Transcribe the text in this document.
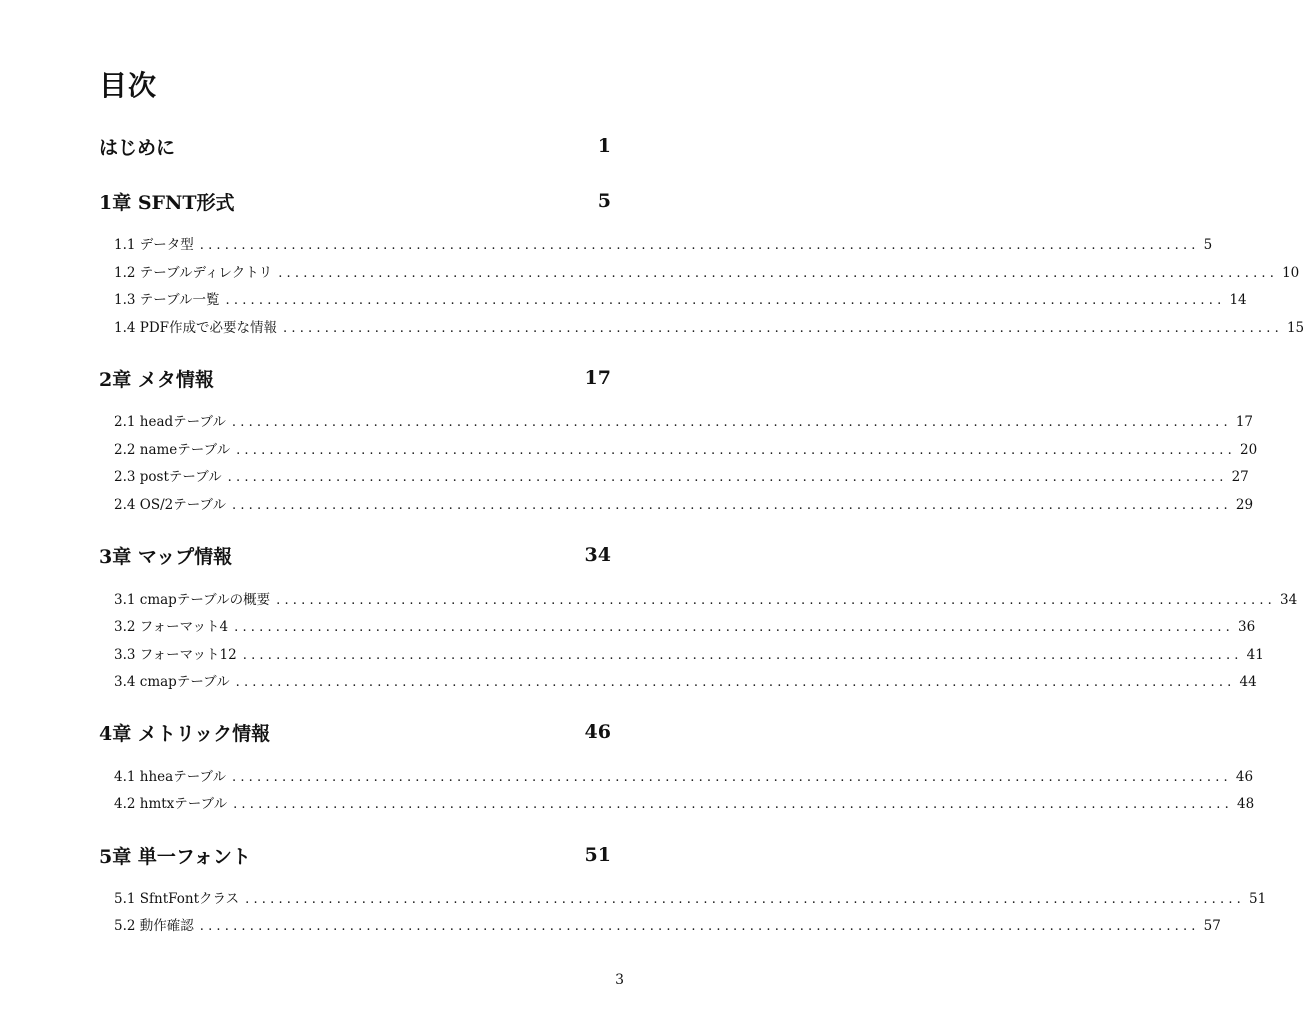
目次
はじめに	1
1章 SFNT形式	5
1.1 データ型 ........................................................................................................................ 5
1.2 テーブルディレクトリ ........................................................................................................................ 10
1.3 テーブル一覧 ........................................................................................................................ 14
1.4 PDF作成で必要な情報 ........................................................................................................................ 15
2章 メタ情報	17
2.1 headテーブル ........................................................................................................................ 17
2.2 nameテーブル ........................................................................................................................ 20
2.3 postテーブル ........................................................................................................................ 27
2.4 OS/2テーブル ........................................................................................................................ 29
3章 マップ情報	34
3.1 cmapテーブルの概要 ........................................................................................................................ 34
3.2 フォーマット4 ........................................................................................................................ 36
3.3 フォーマット12 ........................................................................................................................ 41
3.4 cmapテーブル ........................................................................................................................ 44
4章 メトリック情報	46
4.1 hheaテーブル ........................................................................................................................ 46
4.2 hmtxテーブル ........................................................................................................................ 48
5章 単一フォント	51
5.1 SfntFontクラス ........................................................................................................................ 51
5.2 動作確認 ........................................................................................................................ 57
3
